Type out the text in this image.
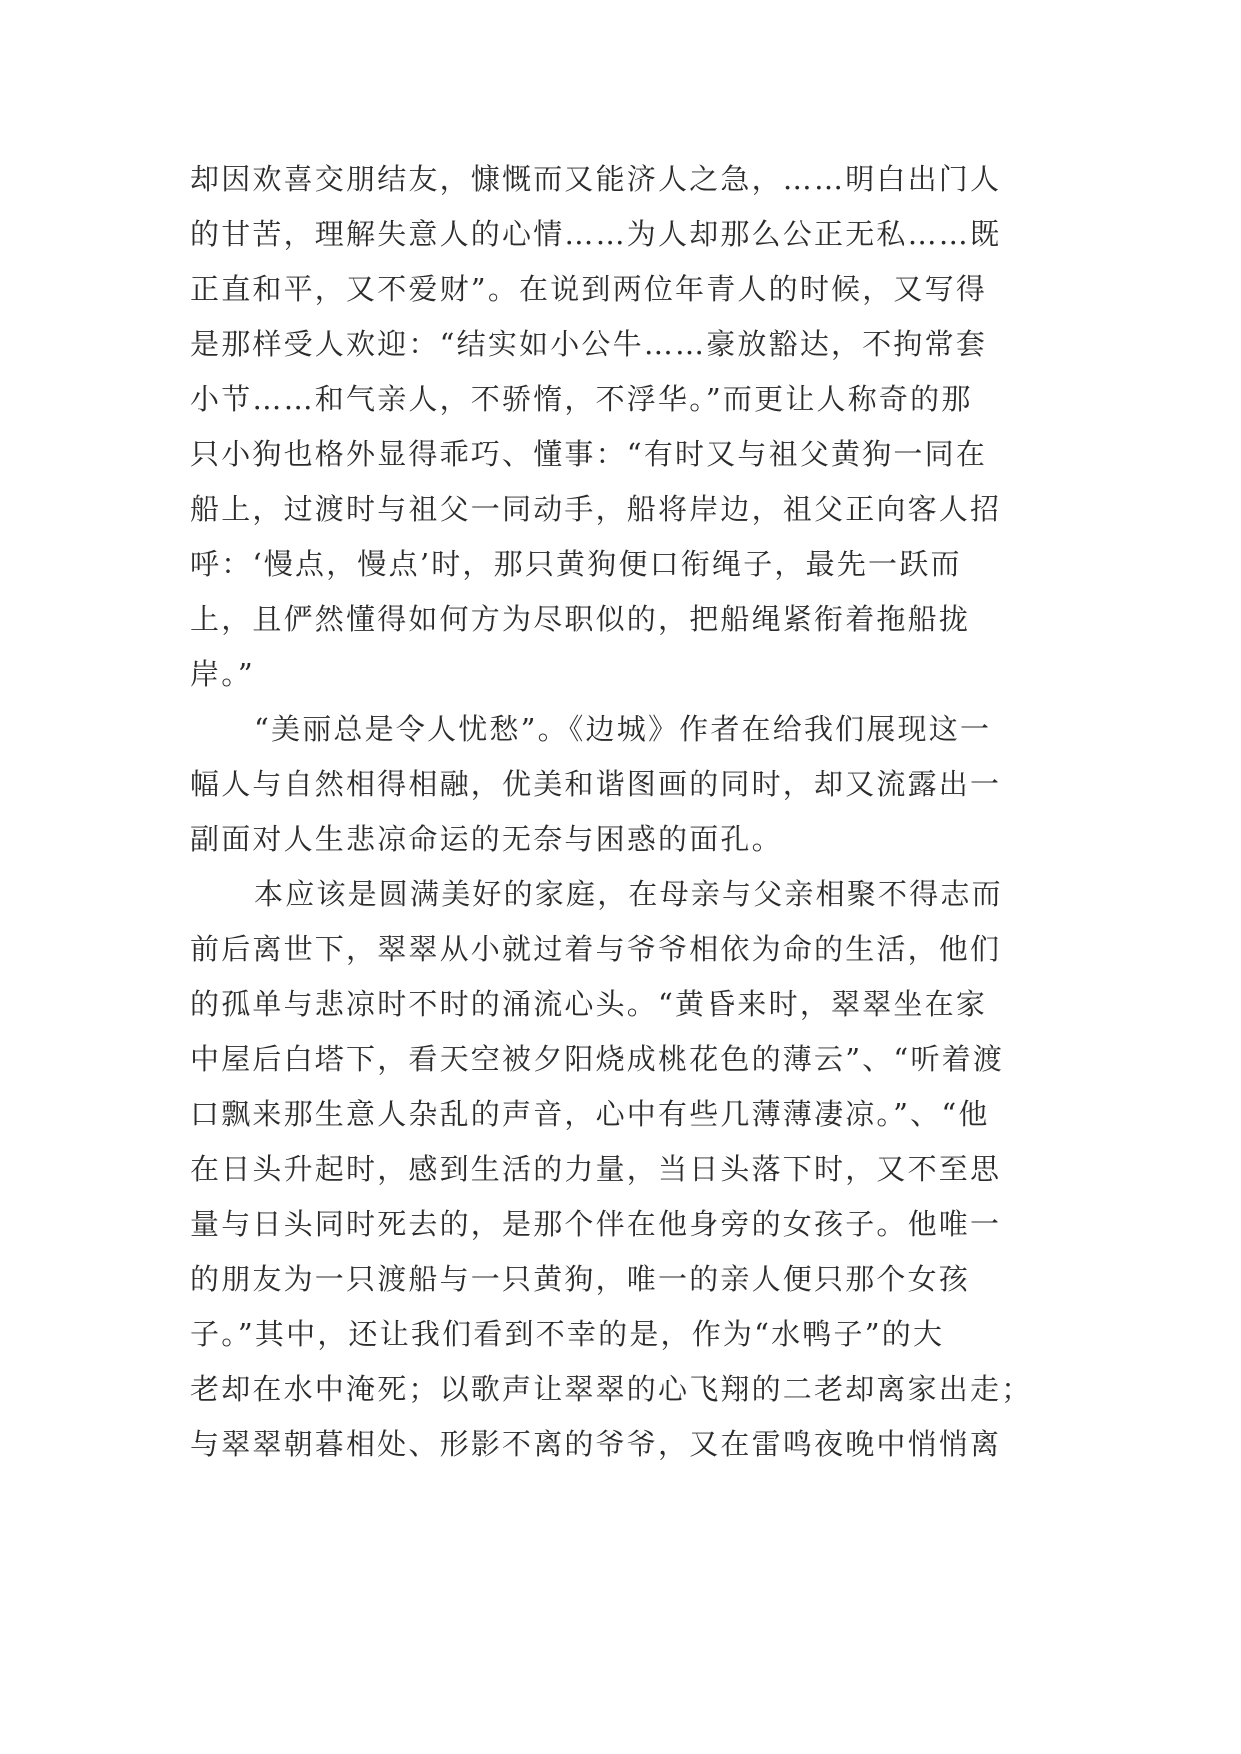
却因欢喜交朋结友，慷慨而又能济人之急，……明白出门人
的甘苦，理解失意人的心情……为人却那么公正无私……既
正直和平，又不爱财”。在说到两位年青人的时候，又写得
是那样受人欢迎：“结实如小公牛……豪放豁达，不拘常套
小节……和气亲人，不骄惰，不浮华。”而更让人称奇的那
只小狗也格外显得乖巧、懂事：“有时又与祖父黄狗一同在
船上，过渡时与祖父一同动手，船将岸边，祖父正向客人招
呼：‘慢点，慢点’时，那只黄狗便口衔绳子，最先一跃而
上，且俨然懂得如何方为尽职似的，把船绳紧衔着拖船拢
岸。”
“美丽总是令人忧愁”。《边城》作者在给我们展现这一
幅人与自然相得相融，优美和谐图画的同时，却又流露出一
副面对人生悲凉命运的无奈与困惑的面孔。
本应该是圆满美好的家庭，在母亲与父亲相聚不得志而
前后离世下，翠翠从小就过着与爷爷相依为命的生活，他们
的孤单与悲凉时不时的涌流心头。“黄昏来时，翠翠坐在家
中屋后白塔下，看天空被夕阳烧成桃花色的薄云”、“听着渡
口飘来那生意人杂乱的声音，心中有些几薄薄凄凉。”、“他
在日头升起时，感到生活的力量，当日头落下时，又不至思
量与日头同时死去的，是那个伴在他身旁的女孩子。他唯一
的朋友为一只渡船与一只黄狗，唯一的亲人便只那个女孩
子。”其中，还让我们看到不幸的是，作为“水鸭子”的大
老却在水中淹死；以歌声让翠翠的心飞翔的二老却离家出走；
与翠翠朝暮相处、形影不离的爷爷，又在雷鸣夜晚中悄悄离
